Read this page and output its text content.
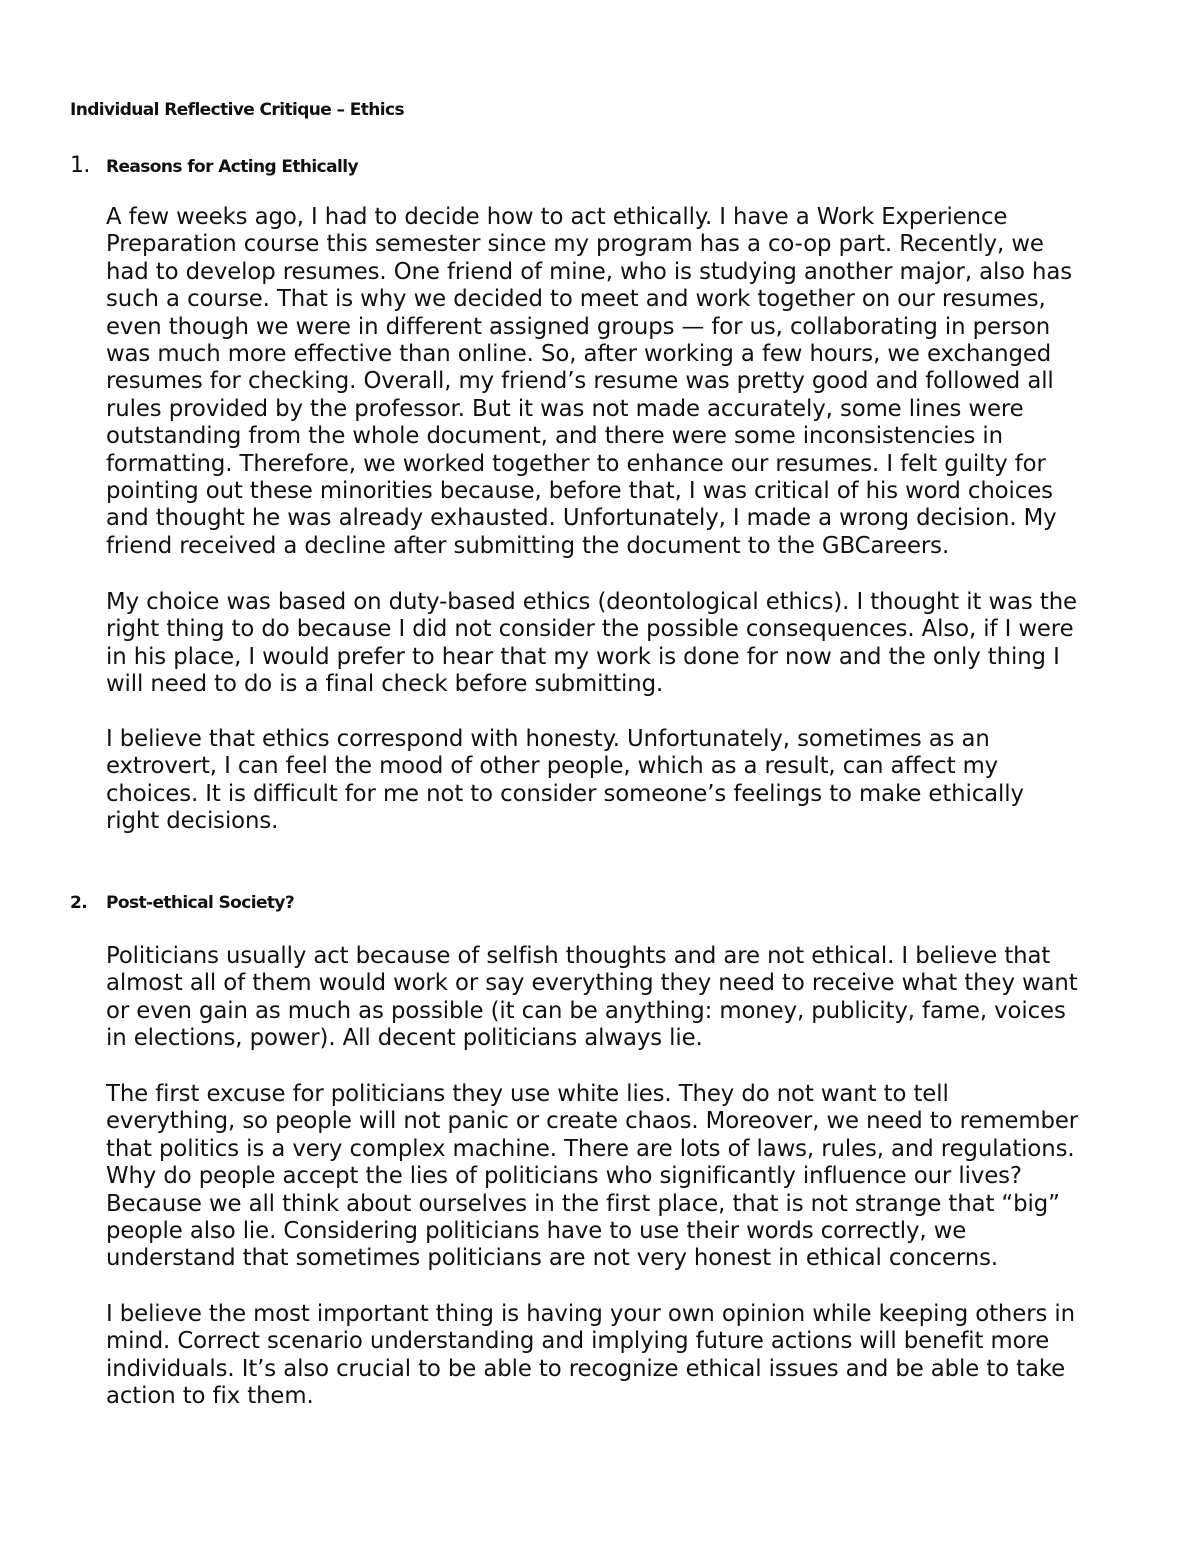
Individual Reflective Critique – Ethics
1. Reasons for Acting Ethically
A few weeks ago, I had to decide how to act ethically. I have a Work Experience
Preparation course this semester since my program has a co-op part. Recently, we
had to develop resumes. One friend of mine, who is studying another major, also has
such a course. That is why we decided to meet and work together on our resumes,
even though we were in different assigned groups — for us, collaborating in person
was much more effective than online. So, after working a few hours, we exchanged
resumes for checking. Overall, my friend’s resume was pretty good and followed all
rules provided by the professor. But it was not made accurately, some lines were
outstanding from the whole document, and there were some inconsistencies in
formatting. Therefore, we worked together to enhance our resumes. I felt guilty for
pointing out these minorities because, before that, I was critical of his word choices
and thought he was already exhausted. Unfortunately, I made a wrong decision. My
friend received a decline after submitting the document to the GBCareers.
My choice was based on duty-based ethics (deontological ethics). I thought it was the
right thing to do because I did not consider the possible consequences. Also, if I were
in his place, I would prefer to hear that my work is done for now and the only thing I
will need to do is a final check before submitting.
I believe that ethics correspond with honesty. Unfortunately, sometimes as an
extrovert, I can feel the mood of other people, which as a result, can affect my
choices. It is difficult for me not to consider someone’s feelings to make ethically
right decisions.
2. Post-ethical Society?
Politicians usually act because of selfish thoughts and are not ethical. I believe that
almost all of them would work or say everything they need to receive what they want
or even gain as much as possible (it can be anything: money, publicity, fame, voices
in elections, power). All decent politicians always lie.
The first excuse for politicians they use white lies. They do not want to tell
everything, so people will not panic or create chaos. Moreover, we need to remember
that politics is a very complex machine. There are lots of laws, rules, and regulations.
Why do people accept the lies of politicians who significantly influence our lives?
Because we all think about ourselves in the first place, that is not strange that “big”
people also lie. Considering politicians have to use their words correctly, we
understand that sometimes politicians are not very honest in ethical concerns.
I believe the most important thing is having your own opinion while keeping others in
mind. Correct scenario understanding and implying future actions will benefit more
individuals. It’s also crucial to be able to recognize ethical issues and be able to take
action to fix them.
